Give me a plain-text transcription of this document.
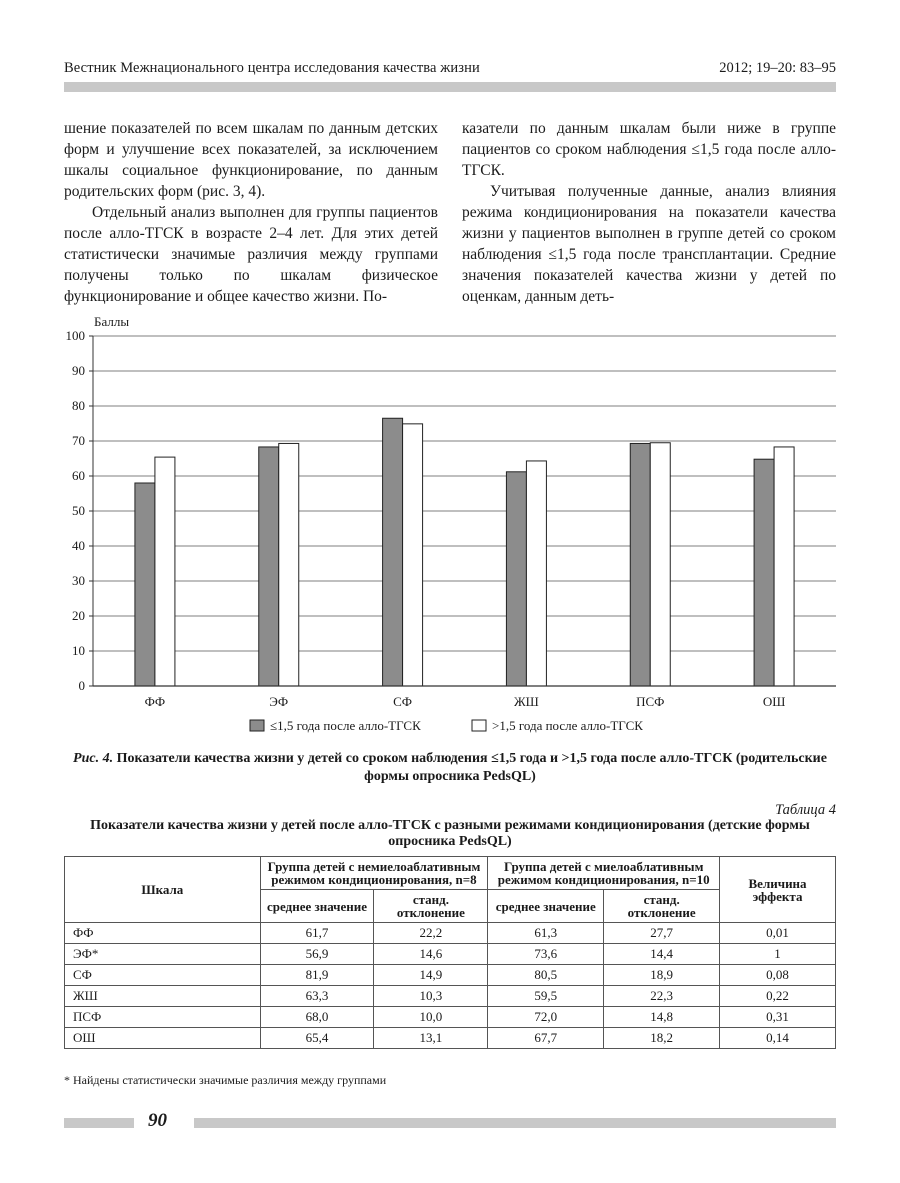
Вестник Межнационального центра исследования качества жизни	2012; 19–20: 83–95

шение показателей по всем шкалам по данным детских форм и улучшение всех показателей, за исключением шкалы социальное функционирование, по данным родительских форм (рис. 3, 4).

Отдельный анализ выполнен для группы пациентов после алло-ТГСК в возрасте 2–4 лет. Для этих детей статистически значимые различия между группами получены только по шкалам физическое функционирование и общее качество жизни. По-

казатели по данным шкалам были ниже в группе пациентов со сроком наблюдения ≤1,5 года после алло-ТГСК.

Учитывая полученные данные, анализ влияния режима кондиционирования на показатели качества жизни у пациентов выполнен в группе детей со сроком наблюдения ≤1,5 года после трансплантации. Средние значения показателей качества жизни у детей по оценкам, данным деть-

Баллы
0
10
20
30
40
50
60
70
80
90
100
ФФ	ЭФ	СФ	ЖШ	ПСФ	ОШ
≤1,5 года после алло-ТГСК	>1,5 года после алло-ТГСК
Рис. 4. Показатели качества жизни у детей со сроком наблюдения ≤1,5 года и >1,5 года после алло-ТГСК (родительские формы опросника PedsQL)
Таблица 4
Показатели качества жизни у детей после алло-ТГСК с разными режимами кондиционирования (детские формы опросника PedsQL)
Шкала	Группа детей с немиелоаблативным режимом кондиционирования, n=8		Группа детей с миелоаблативным режимом кондиционирования, n=10		Величина эффекта
	среднее значение	станд. отклонение	среднее значение	станд. отклонение	
ФФ	61,7	22,2	61,3	27,7	0,01
ЭФ*	56,9	14,6	73,6	14,4	1
СФ	81,9	14,9	80,5	18,9	0,08
ЖШ	63,3	10,3	59,5	22,3	0,22
ПСФ	68,0	10,0	72,0	14,8	0,31
ОШ	65,4	13,1	67,7	18,2	0,14
* Найдены статистически значимые различия между группами
90
